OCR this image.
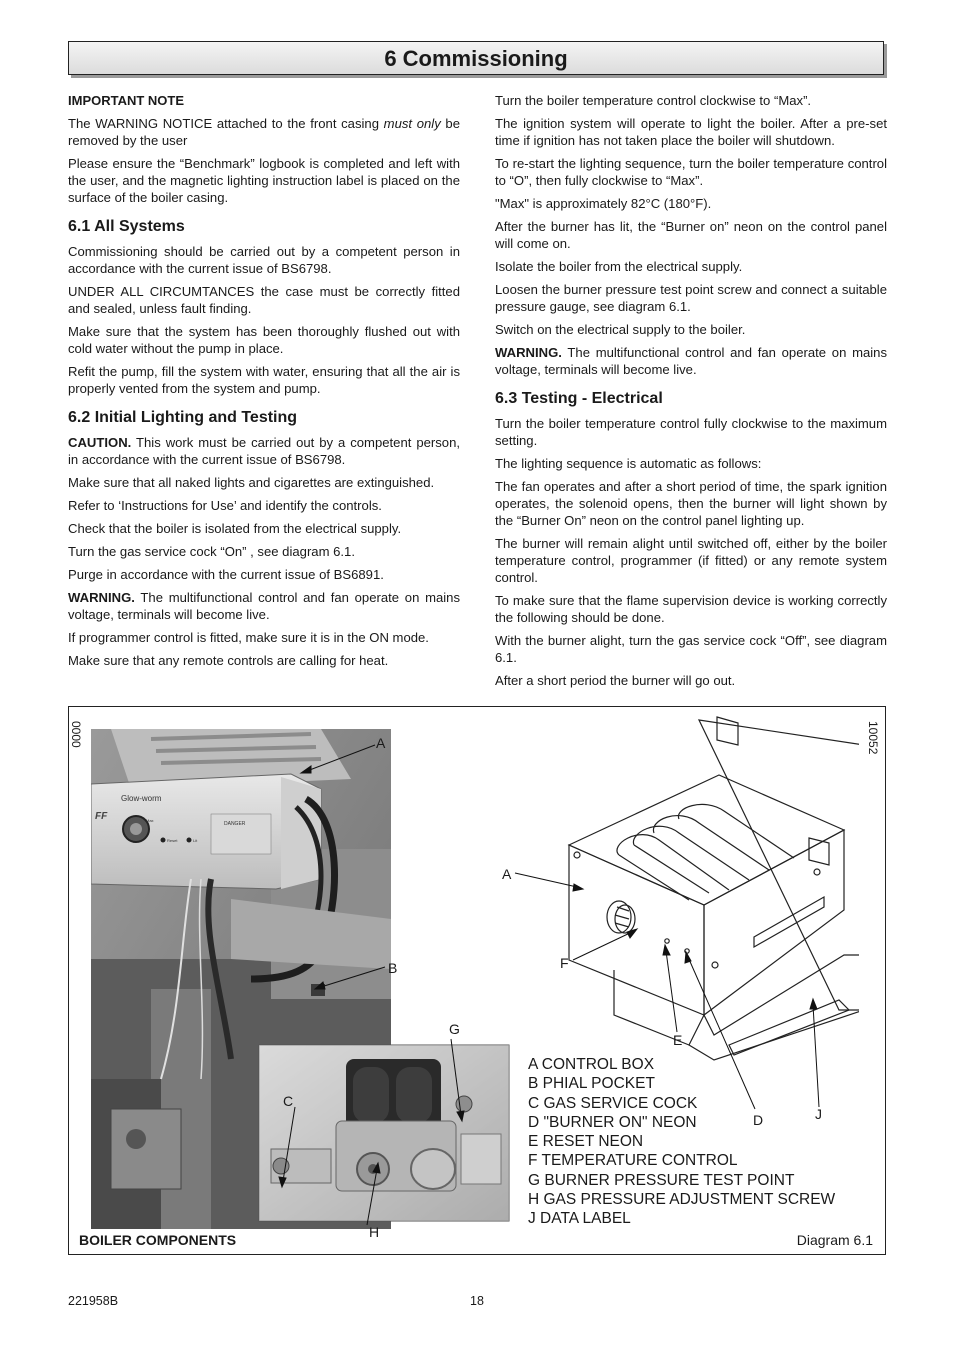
6 Commissioning
IMPORTANT NOTE

The WARNING NOTICE attached to the front casing must only be removed by the user

Please ensure the “Benchmark” logbook is completed and left with the user, and the magnetic lighting instruction label is placed on the surface of the boiler casing.

6.1 All Systems

Commissioning should be carried out by a competent person in accordance with the current issue of BS6798.

UNDER ALL CIRCUMTANCES the case must be correctly fitted and sealed, unless fault finding.

Make sure that the system has been thoroughly flushed out with cold water without the pump in place.

Refit the pump, fill the system with water, ensuring that all the air is properly vented from the system and pump.

6.2 Initial Lighting and Testing

CAUTION. This work must be carried out by a competent person, in accordance with the current issue of BS6798.

Make sure that all naked lights and cigarettes are extinguished.

Refer to ‘Instructions for Use’ and identify the controls.

Check that the boiler is isolated from the electrical supply.

Turn the gas service cock “On” , see diagram 6.1.

Purge in accordance with the current issue of BS6891.

WARNING. The multifunctional control and fan operate on mains voltage, terminals will become live.

If programmer control is fitted, make sure it is in the ON mode.

Make sure that any remote controls are calling for heat.

Turn the boiler temperature control clockwise to “Max”.

The ignition system will operate to light the boiler. After a pre-set time if ignition has not taken place the boiler will shutdown.

To re-start the lighting sequence, turn the boiler temperature control to “O”, then fully clockwise to “Max”.

"Max" is approximately 82°C (180°F).

After the burner has lit, the “Burner on” neon on the control panel will come on.

Isolate the boiler from the electrical supply.

Loosen the burner pressure test point screw and connect a suitable pressure gauge, see diagram 6.1.

Switch on the electrical supply to the boiler.

WARNING. The multifunctional control and fan operate on mains voltage, terminals will become live.

6.3 Testing - Electrical

Turn the boiler temperature control fully clockwise to the maximum setting.

The lighting sequence is automatic as follows:

The fan operates and after a short period of time, the spark ignition operates, the solenoid opens, then the burner will light shown by the “Burner On” neon on the control panel lighting up.

The burner will remain alight until switched off, either by the boiler temperature control, programmer (if fitted) or any remote system control.

To make sure that the flame supervision device is working correctly the following should be done.

With the burner alight, turn the gas service cock “Off”, see diagram 6.1.

After a short period the burner will go out.

Glow-worm
FF	Max
Reset	Lit
DANGER
0000	10052
A
B
G
C
H
A
F
E
D	J
A CONTROL BOX
B PHIAL POCKET
C GAS SERVICE COCK
D "BURNER ON" NEON
E RESET NEON
F TEMPERATURE CONTROL
G BURNER PRESSURE TEST POINT
H GAS PRESSURE ADJUSTMENT SCREW
J DATA LABEL
BOILER COMPONENTS	Diagram 6.1
221958B	18
